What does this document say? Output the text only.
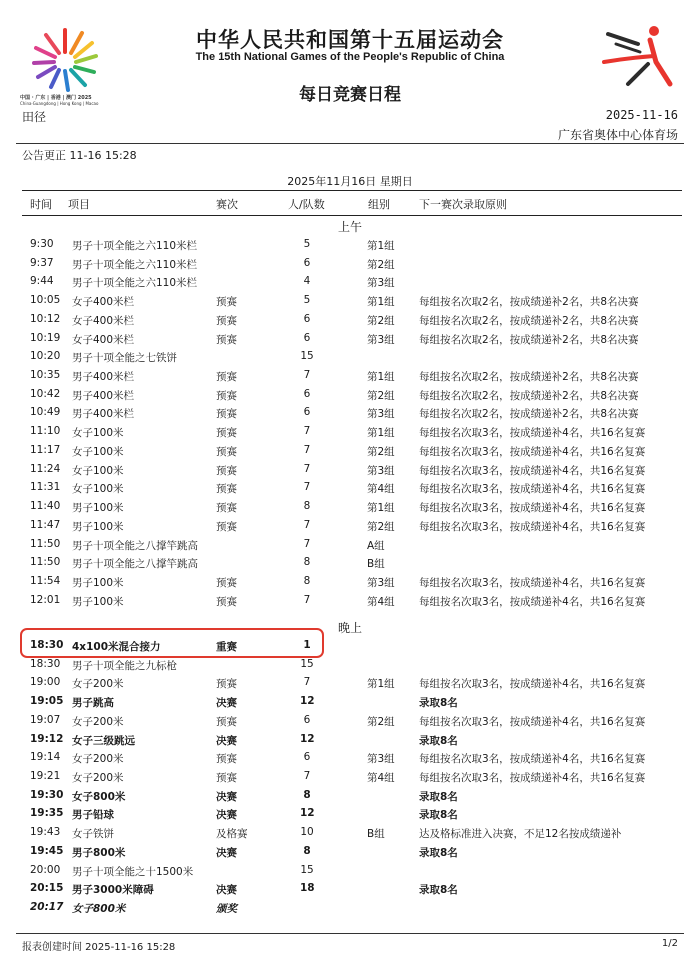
中国 · 广东 | 香港 | 澳门 2025
China·Guangdong | Hong Kong | Macao
中华人民共和国第十五届运动会
The 15th National Games of the People's Republic of China
每日竞赛日程
田径	2025-11-16
广东省奥体中心体育场
公告更正 11-16 15:28
2025年11月16日 星期日
时间 项目	赛次	人/队数	组别	下一赛次录取原则
上午
9:30 男子十项全能之六110米栏	5	第1组
9:37 男子十项全能之六110米栏	6	第2组
9:44 男子十项全能之六110米栏	4	第3组
10:05 女子400米栏	预赛	5	第1组 每组按名次取2名，按成绩递补2名，共8名决赛
10:12 女子400米栏	预赛	6	第2组 每组按名次取2名，按成绩递补2名，共8名决赛
10:19 女子400米栏	预赛	6	第3组 每组按名次取2名，按成绩递补2名，共8名决赛
10:20 男子十项全能之七铁饼	15
10:35 男子400米栏	预赛	7	第1组 每组按名次取2名，按成绩递补2名，共8名决赛
10:42 男子400米栏	预赛	6	第2组 每组按名次取2名，按成绩递补2名，共8名决赛
10:49 男子400米栏	预赛	6	第3组 每组按名次取2名，按成绩递补2名，共8名决赛
11:10 女子100米	预赛	7	第1组 每组按名次取3名，按成绩递补4名，共16名复赛
11:17 女子100米	预赛	7	第2组 每组按名次取3名，按成绩递补4名，共16名复赛
11:24 女子100米	预赛	7	第3组 每组按名次取3名，按成绩递补4名，共16名复赛
11:31 女子100米	预赛	7	第4组 每组按名次取3名，按成绩递补4名，共16名复赛
11:40 男子100米	预赛	8	第1组 每组按名次取3名，按成绩递补4名，共16名复赛
11:47 男子100米	预赛	7	第2组 每组按名次取3名，按成绩递补4名，共16名复赛
11:50 男子十项全能之八撑竿跳高	7	A组
11:50 男子十项全能之八撑竿跳高	8	B组
11:54 男子100米	预赛	8	第3组 每组按名次取3名，按成绩递补4名，共16名复赛
12:01 男子100米	预赛	7	第4组 每组按名次取3名，按成绩递补4名，共16名复赛
晚上
18:30 4x100米混合接力	重赛	1
18:30 男子十项全能之九标枪	15
19:00 女子200米	预赛	7	第1组 每组按名次取3名，按成绩递补4名，共16名复赛
19:05 男子跳高	决赛	12	录取8名
19:07 女子200米	预赛	6	第2组 每组按名次取3名，按成绩递补4名，共16名复赛
19:12 女子三级跳远	决赛	12	录取8名
19:14 女子200米	预赛	6	第3组 每组按名次取3名，按成绩递补4名，共16名复赛
19:21 女子200米	预赛	7	第4组 每组按名次取3名，按成绩递补4名，共16名复赛
19:30 女子800米	决赛	8	录取8名
19:35 男子铅球	决赛	12	录取8名
19:43 女子铁饼	及格赛	10	B组	达及格标准进入决赛，不足12名按成绩递补
19:45 男子800米	决赛	8	录取8名
20:00 男子十项全能之十1500米	15
20:15 男子3000米障碍	决赛	18	录取8名
20:17 女子800米	颁奖
报表创建时间 2025-11-16 15:28	1/2
